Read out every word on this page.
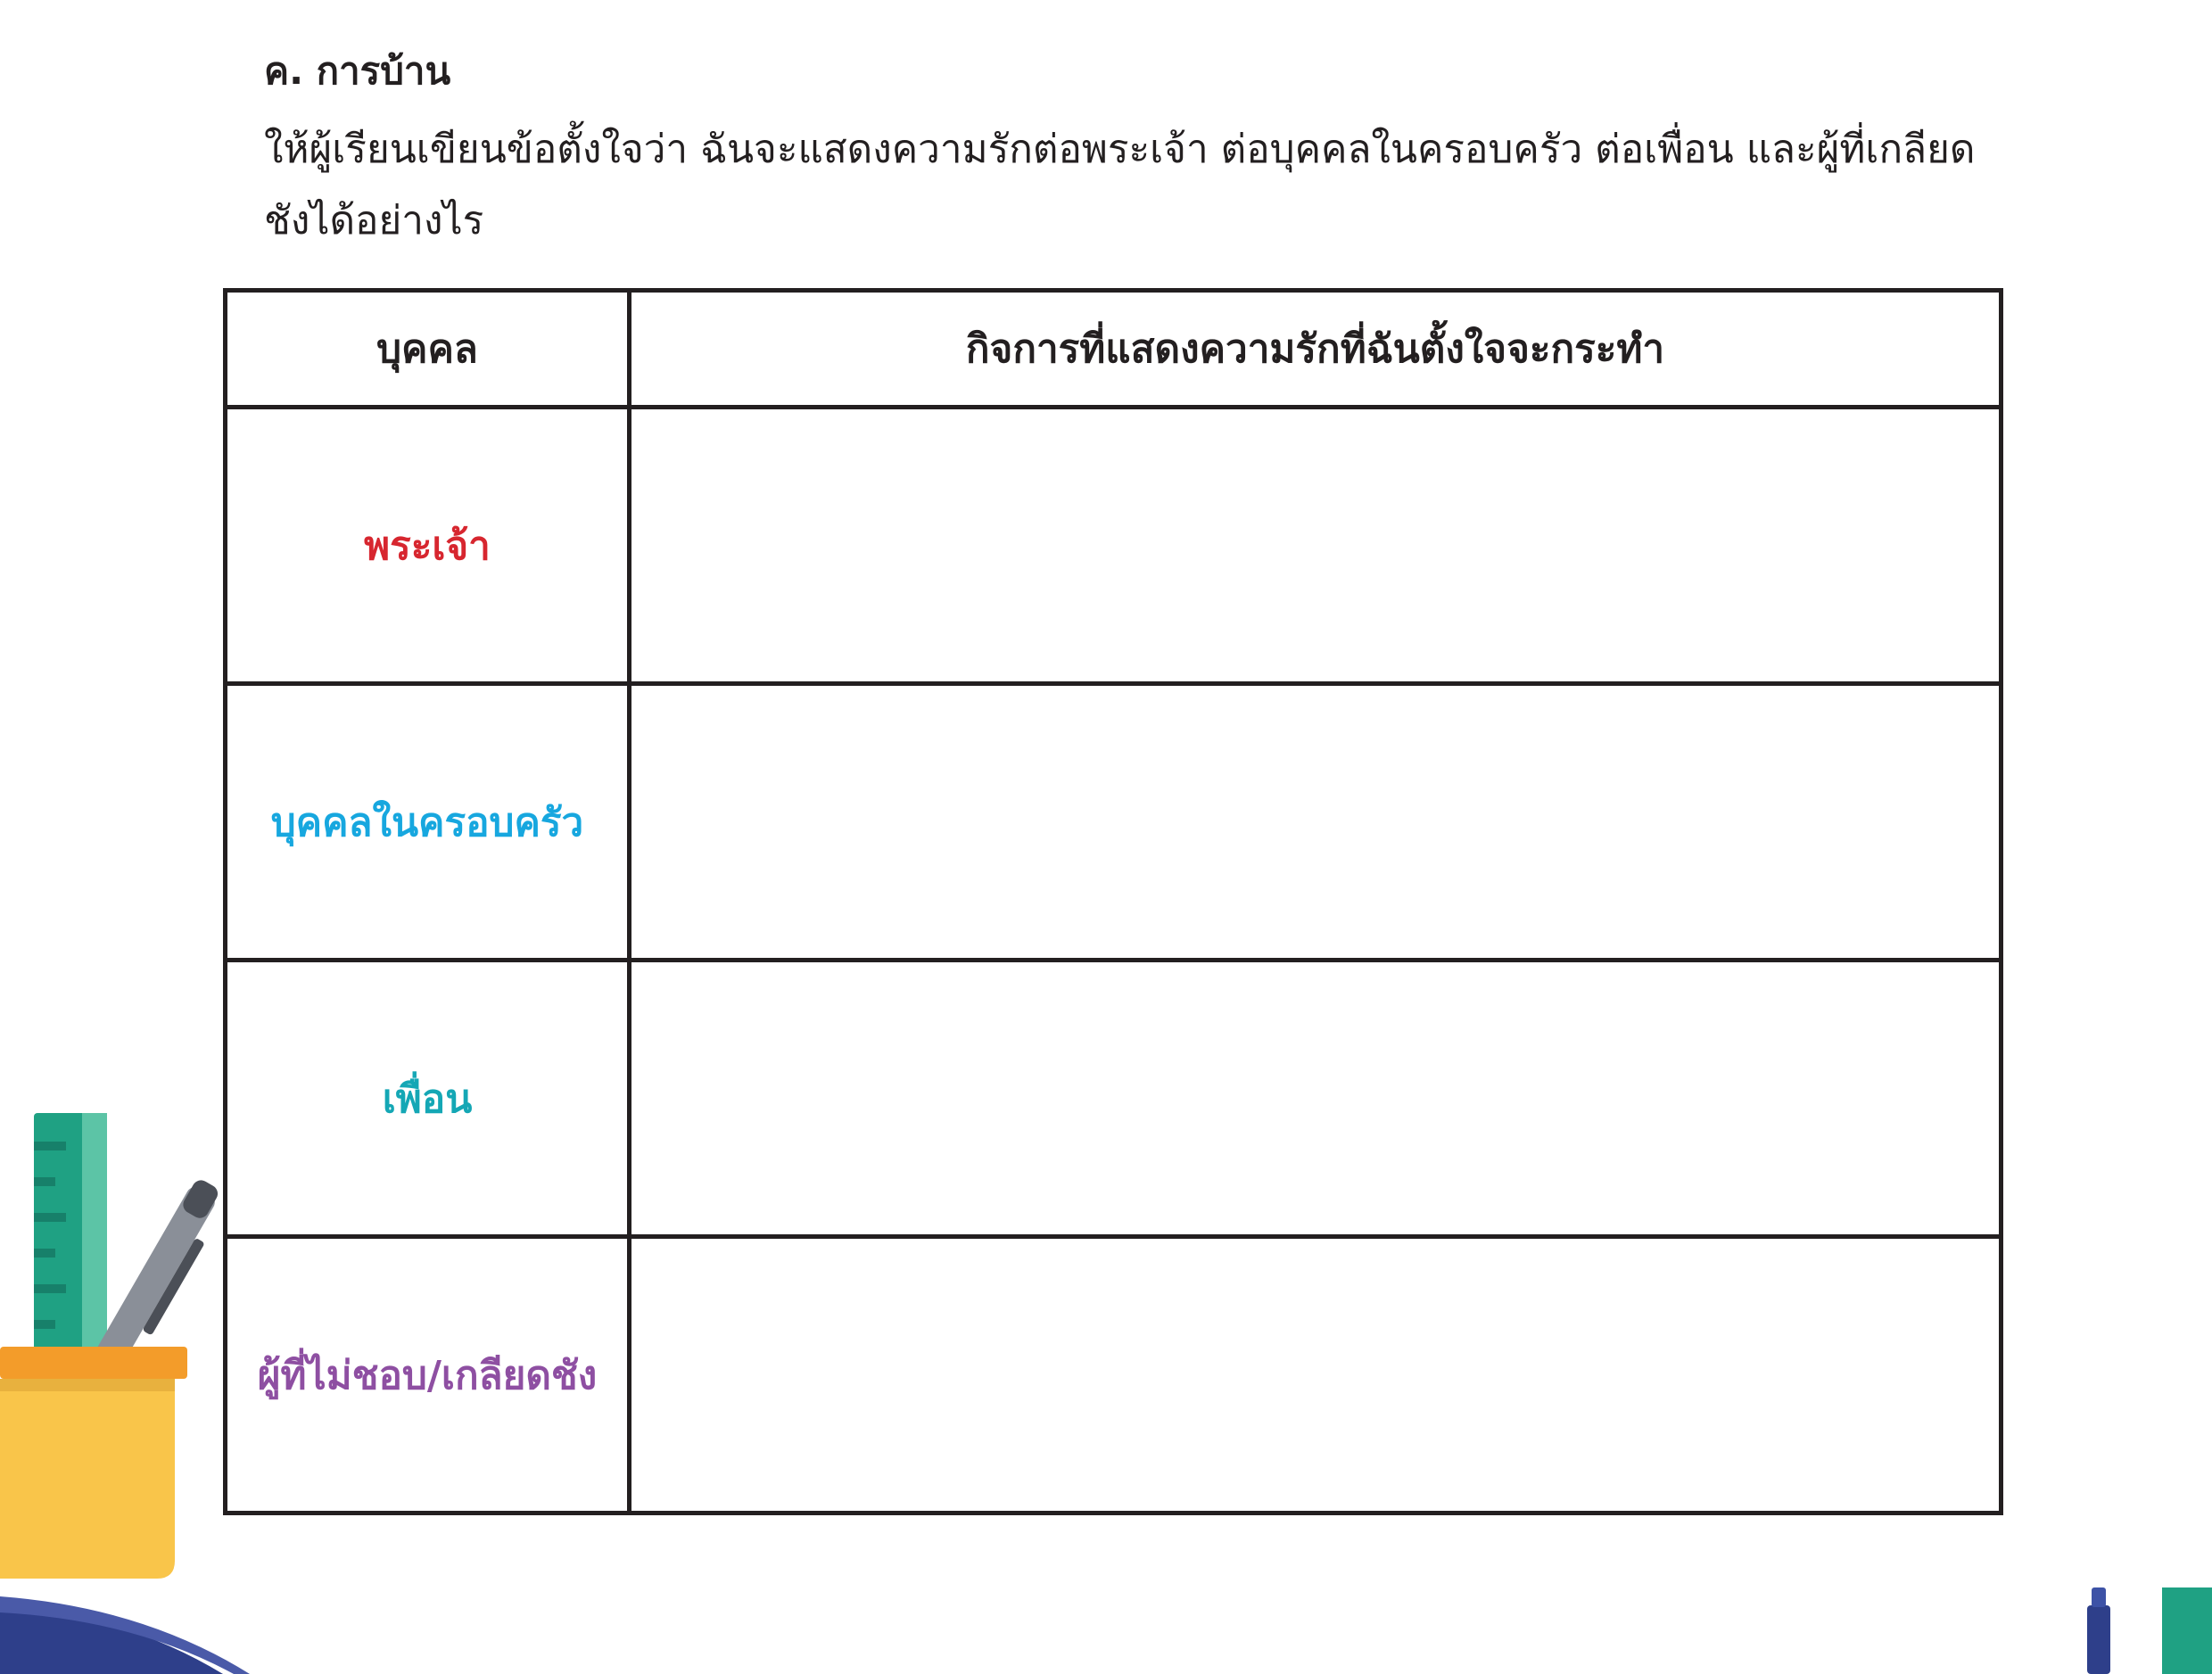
ค. การบ้าน

ให้ผู้เรียนเขียนข้อตั้งใจว่า ฉันจะแสดงความรักต่อพระเจ้า ต่อบุคคลในครอบครัว ต่อเพื่อน และผู้ที่เกลียดชังได้อย่างไร

บุคคล	กิจการที่แสดงความรักที่ฉันตั้งใจจะกระทำ
พระเจ้า	
บุคคลในครอบครัว	
เพื่อน	
ผู้ที่ไม่ชอบ/เกลียดชัง	
